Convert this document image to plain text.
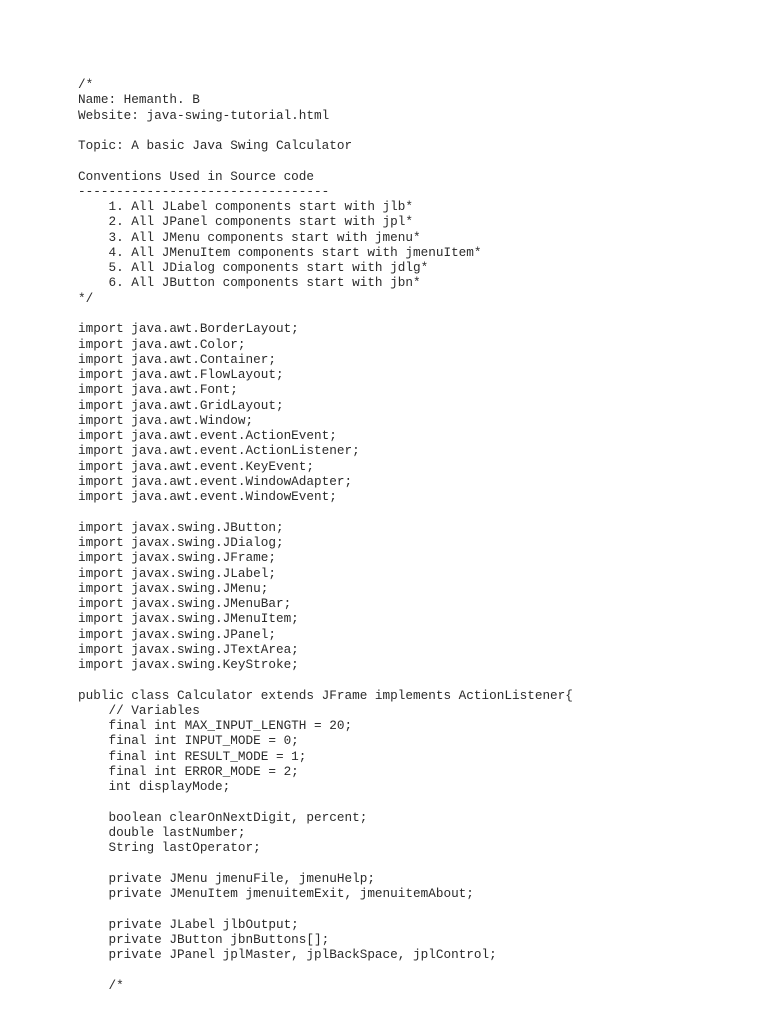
/*
Name: Hemanth. B
Website: java-swing-tutorial.html
Topic: A basic Java Swing Calculator
Conventions Used in Source code
---------------------------------
1. All JLabel components start with jlb*
2. All JPanel components start with jpl*
3. All JMenu components start with jmenu*
4. All JMenuItem components start with jmenuItem*
5. All JDialog components start with jdlg*
6. All JButton components start with jbn*
*/
import java.awt.BorderLayout;
import java.awt.Color;
import java.awt.Container;
import java.awt.FlowLayout;
import java.awt.Font;
import java.awt.GridLayout;
import java.awt.Window;
import java.awt.event.ActionEvent;
import java.awt.event.ActionListener;
import java.awt.event.KeyEvent;
import java.awt.event.WindowAdapter;
import java.awt.event.WindowEvent;
import javax.swing.JButton;
import javax.swing.JDialog;
import javax.swing.JFrame;
import javax.swing.JLabel;
import javax.swing.JMenu;
import javax.swing.JMenuBar;
import javax.swing.JMenuItem;
import javax.swing.JPanel;
import javax.swing.JTextArea;
import javax.swing.KeyStroke;
public class Calculator extends JFrame implements ActionListener{
// Variables
final int MAX_INPUT_LENGTH = 20;
final int INPUT_MODE = 0;
final int RESULT_MODE = 1;
final int ERROR_MODE = 2;
int displayMode;
boolean clearOnNextDigit, percent;
double lastNumber;
String lastOperator;
private JMenu jmenuFile, jmenuHelp;
private JMenuItem jmenuitemExit, jmenuitemAbout;
private JLabel jlbOutput;
private JButton jbnButtons[];
private JPanel jplMaster, jplBackSpace, jplControl;
/*
